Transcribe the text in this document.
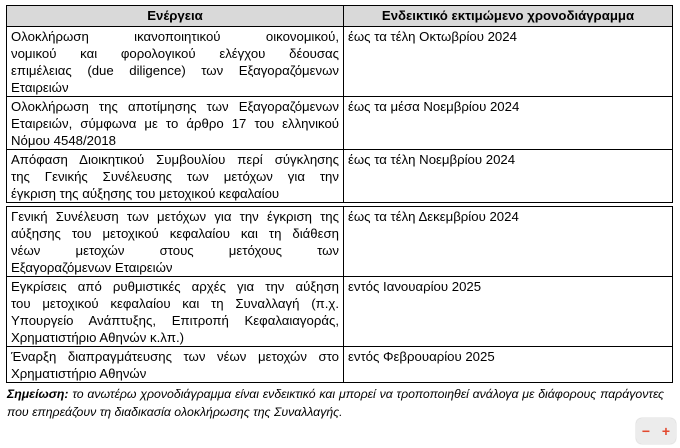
Ενέργεια	Ενδεικτικό εκτιμώμενο χρονοδιάγραμμα

Ολοκλήρωση ικανοποιητικού οικονομικού,
νομικού και φορολογικού ελέγχου δέουσας
επιμέλειας (due diligence) των Εξαγοραζόμενων
Εταιρειών	έως τα τέλη Οκτωβρίου 2024

Ολοκλήρωση της αποτίμησης των Εξαγοραζόμενων
Εταιρειών, σύμφωνα με το άρθρο 17 του ελληνικού
Νόμου 4548/2018	έως τα μέσα Νοεμβρίου 2024

Απόφαση Διοικητικού Συμβουλίου περί σύγκλησης
της Γενικής Συνέλευσης των μετόχων για την
έγκριση της αύξησης του μετοχικού κεφαλαίου	έως τα τέλη Νοεμβρίου 2024

Γενική Συνέλευση των μετόχων για την έγκριση της
αύξησης του μετοχικού κεφαλαίου και τη διάθεση
νέων μετοχών στους μετόχους των
Εξαγοραζόμενων Εταιρειών	έως τα τέλη Δεκεμβρίου 2024

Εγκρίσεις από ρυθμιστικές αρχές για την αύξηση
του μετοχικού κεφαλαίου και τη Συναλλαγή (π.χ.
Υπουργείο Ανάπτυξης, Επιτροπή Κεφαλαιαγοράς,
Χρηματιστήριο Αθηνών κ.λπ.)	εντός Ιανουαρίου 2025

Έναρξη διαπραγμάτευσης των νέων μετοχών στο
Χρηματιστήριο Αθηνών	εντός Φεβρουαρίου 2025
Σημείωση: το ανωτέρω χρονοδιάγραμμα είναι ενδεικτικό και μπορεί να τροποποιηθεί ανάλογα με διάφορους παράγοντες που επηρεάζουν τη διαδικασία ολοκλήρωσης της Συναλλαγής.
− +
